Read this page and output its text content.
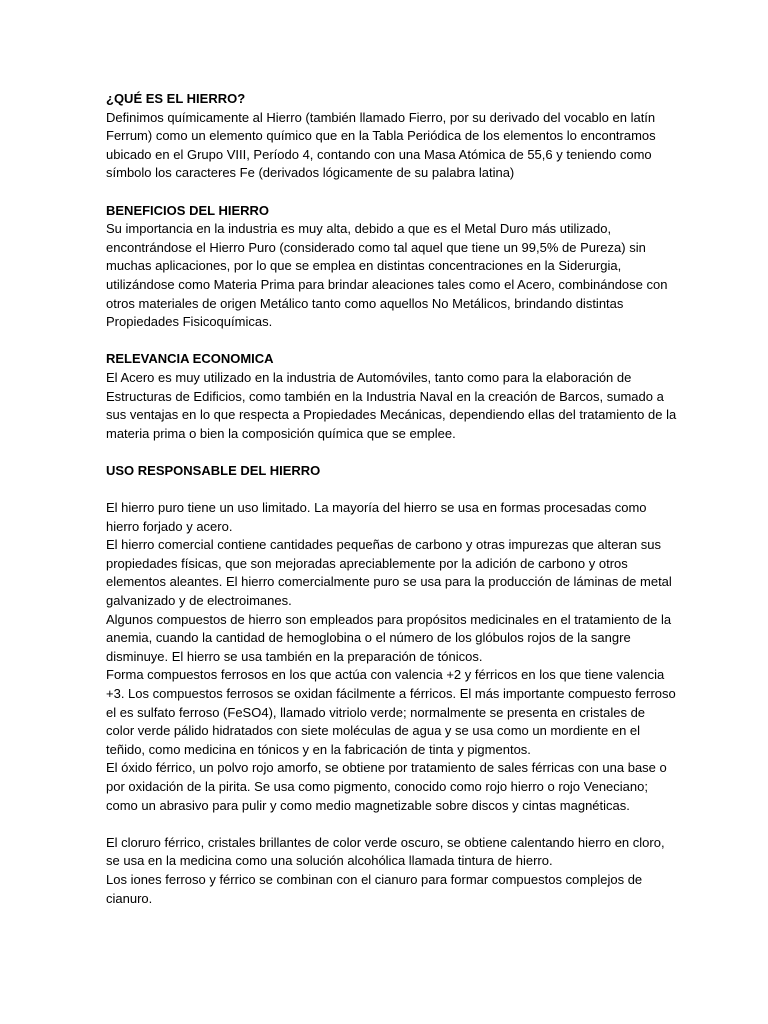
¿QUÉ ES EL HIERRO?
Definimos químicamente al Hierro (también llamado Fierro, por su derivado del vocablo en latín
Ferrum) como un elemento químico que en la Tabla Periódica de los elementos lo encontramos
ubicado en el Grupo VIII, Período 4, contando con una Masa Atómica de 55,6 y teniendo como
símbolo los caracteres Fe (derivados lógicamente de su palabra latina)
BENEFICIOS DEL HIERRO
Su importancia en la industria es muy alta, debido a que es el Metal Duro más utilizado,
encontrándose el Hierro Puro (considerado como tal aquel que tiene un 99,5% de Pureza) sin
muchas aplicaciones, por lo que se emplea en distintas concentraciones en la Siderurgia,
utilizándose como Materia Prima para brindar aleaciones tales como el Acero, combinándose con
otros materiales de origen Metálico tanto como aquellos No Metálicos, brindando distintas
Propiedades Fisicoquímicas.
RELEVANCIA ECONOMICA
El Acero es muy utilizado en la industria de Automóviles, tanto como para la elaboración de
Estructuras de Edificios, como también en la Industria Naval en la creación de Barcos, sumado a
sus ventajas en lo que respecta a Propiedades Mecánicas, dependiendo ellas del tratamiento de la
materia prima o bien la composición química que se emplee.
USO RESPONSABLE DEL HIERRO
El hierro puro tiene un uso limitado. La mayoría del hierro se usa en formas procesadas como
hierro forjado y acero.
El hierro comercial contiene cantidades pequeñas de carbono y otras impurezas que alteran sus
propiedades físicas, que son mejoradas apreciablemente por la adición de carbono y otros
elementos aleantes. El hierro comercialmente puro se usa para la producción de láminas de metal
galvanizado y de electroimanes.
Algunos compuestos de hierro son empleados para propósitos medicinales en el tratamiento de la
anemia, cuando la cantidad de hemoglobina o el número de los glóbulos rojos de la sangre
disminuye. El hierro se usa también en la preparación de tónicos.
Forma compuestos ferrosos en los que actúa con valencia +2 y férricos en los que tiene valencia
+3. Los compuestos ferrosos se oxidan fácilmente a férricos. El más importante compuesto ferroso
el es sulfato ferroso (FeSO4), llamado vitriolo verde; normalmente se presenta en cristales de
color verde pálido hidratados con siete moléculas de agua y se usa como un mordiente en el
teñido, como medicina en tónicos y en la fabricación de tinta y pigmentos.
El óxido férrico, un polvo rojo amorfo, se obtiene por tratamiento de sales férricas con una base o
por oxidación de la pirita. Se usa como pigmento, conocido como rojo hierro o rojo Veneciano;
como un abrasivo para pulir y como medio magnetizable sobre discos y cintas magnéticas.
El cloruro férrico, cristales brillantes de color verde oscuro, se obtiene calentando hierro en cloro,
se usa en la medicina como una solución alcohólica llamada tintura de hierro.
Los iones ferroso y férrico se combinan con el cianuro para formar compuestos complejos de
cianuro.
